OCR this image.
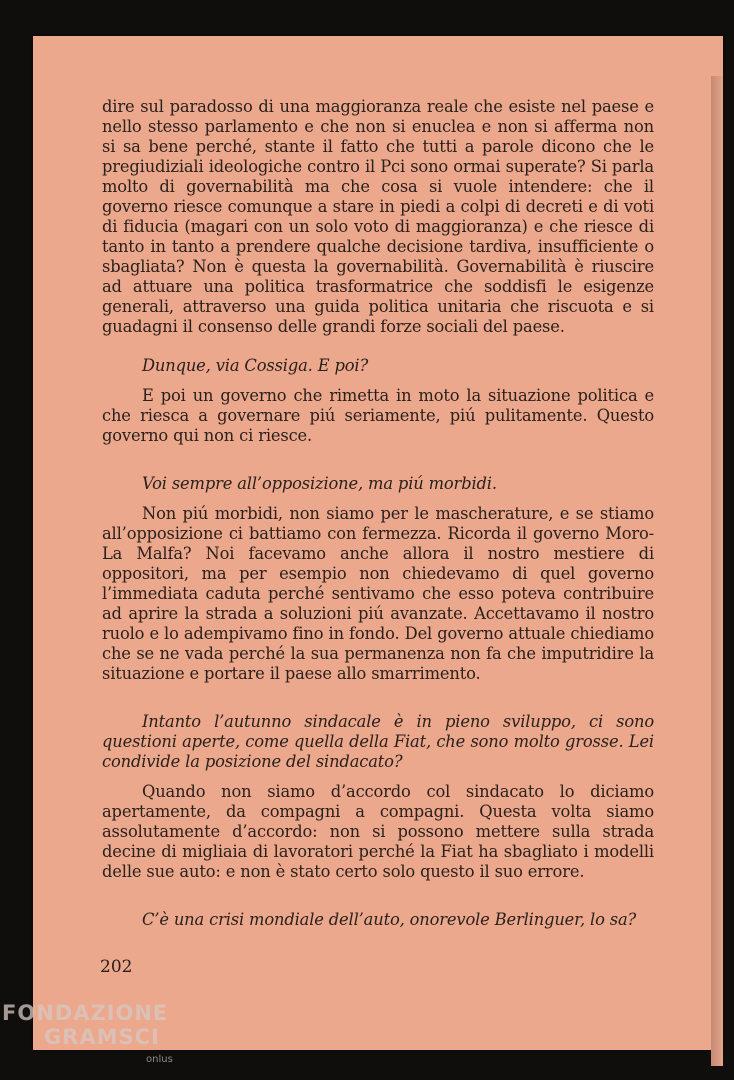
dire sul paradosso di una maggioranza reale che esiste nel paese e nello stesso parlamento e che non si enuclea e non si afferma non si sa bene perché, stante il fatto che tutti a parole dicono che le pregiudiziali ideologiche contro il Pci sono ormai superate? Si parla molto di governabilità ma che cosa si vuole intendere: che il governo riesce comunque a stare in piedi a colpi di decreti e di voti di fiducia (magari con un solo voto di maggioranza) e che riesce di tanto in tanto a prendere qualche decisione tardiva, insufficiente o sbagliata? Non è questa la governabilità. Governabilità è riuscire ad attuare una politica trasformatrice che soddisfi le esigenze generali, attraverso una guida politica unitaria che riscuota e si guadagni il consenso delle grandi forze sociali del paese.

Dunque, via Cossiga. E poi?

E poi un governo che rimetta in moto la situazione politica e che riesca a governare piú seriamente, piú pulitamente. Questo governo qui non ci riesce.

Voi sempre all’opposizione, ma piú morbidi.

Non piú morbidi, non siamo per le mascherature, e se stiamo all’opposizione ci battiamo con fermezza. Ricorda il governo Moro-La Malfa? Noi facevamo anche allora il nostro mestiere di oppositori, ma per esempio non chiedevamo di quel governo l’immediata caduta perché sentivamo che esso poteva contribuire ad aprire la strada a soluzioni piú avanzate. Accettavamo il nostro ruolo e lo adempivamo fino in fondo. Del governo attuale chiediamo che se ne vada perché la sua permanenza non fa che imputridire la situazione e portare il paese allo smarrimento.

Intanto l’autunno sindacale è in pieno sviluppo, ci sono questioni aperte, come quella della Fiat, che sono molto grosse. Lei condivide la posizione del sindacato?

Quando non siamo d’accordo col sindacato lo diciamo apertamente, da compagni a compagni. Questa volta siamo assolutamente d’accordo: non si possono mettere sulla strada decine di migliaia di lavoratori perché la Fiat ha sbagliato i modelli delle sue auto: e non è stato certo solo questo il suo errore.

C’è una crisi mondiale dell’auto, onorevole Berlinguer, lo sa?

202
FONDAZIONE
GRAMSCI
onlus
